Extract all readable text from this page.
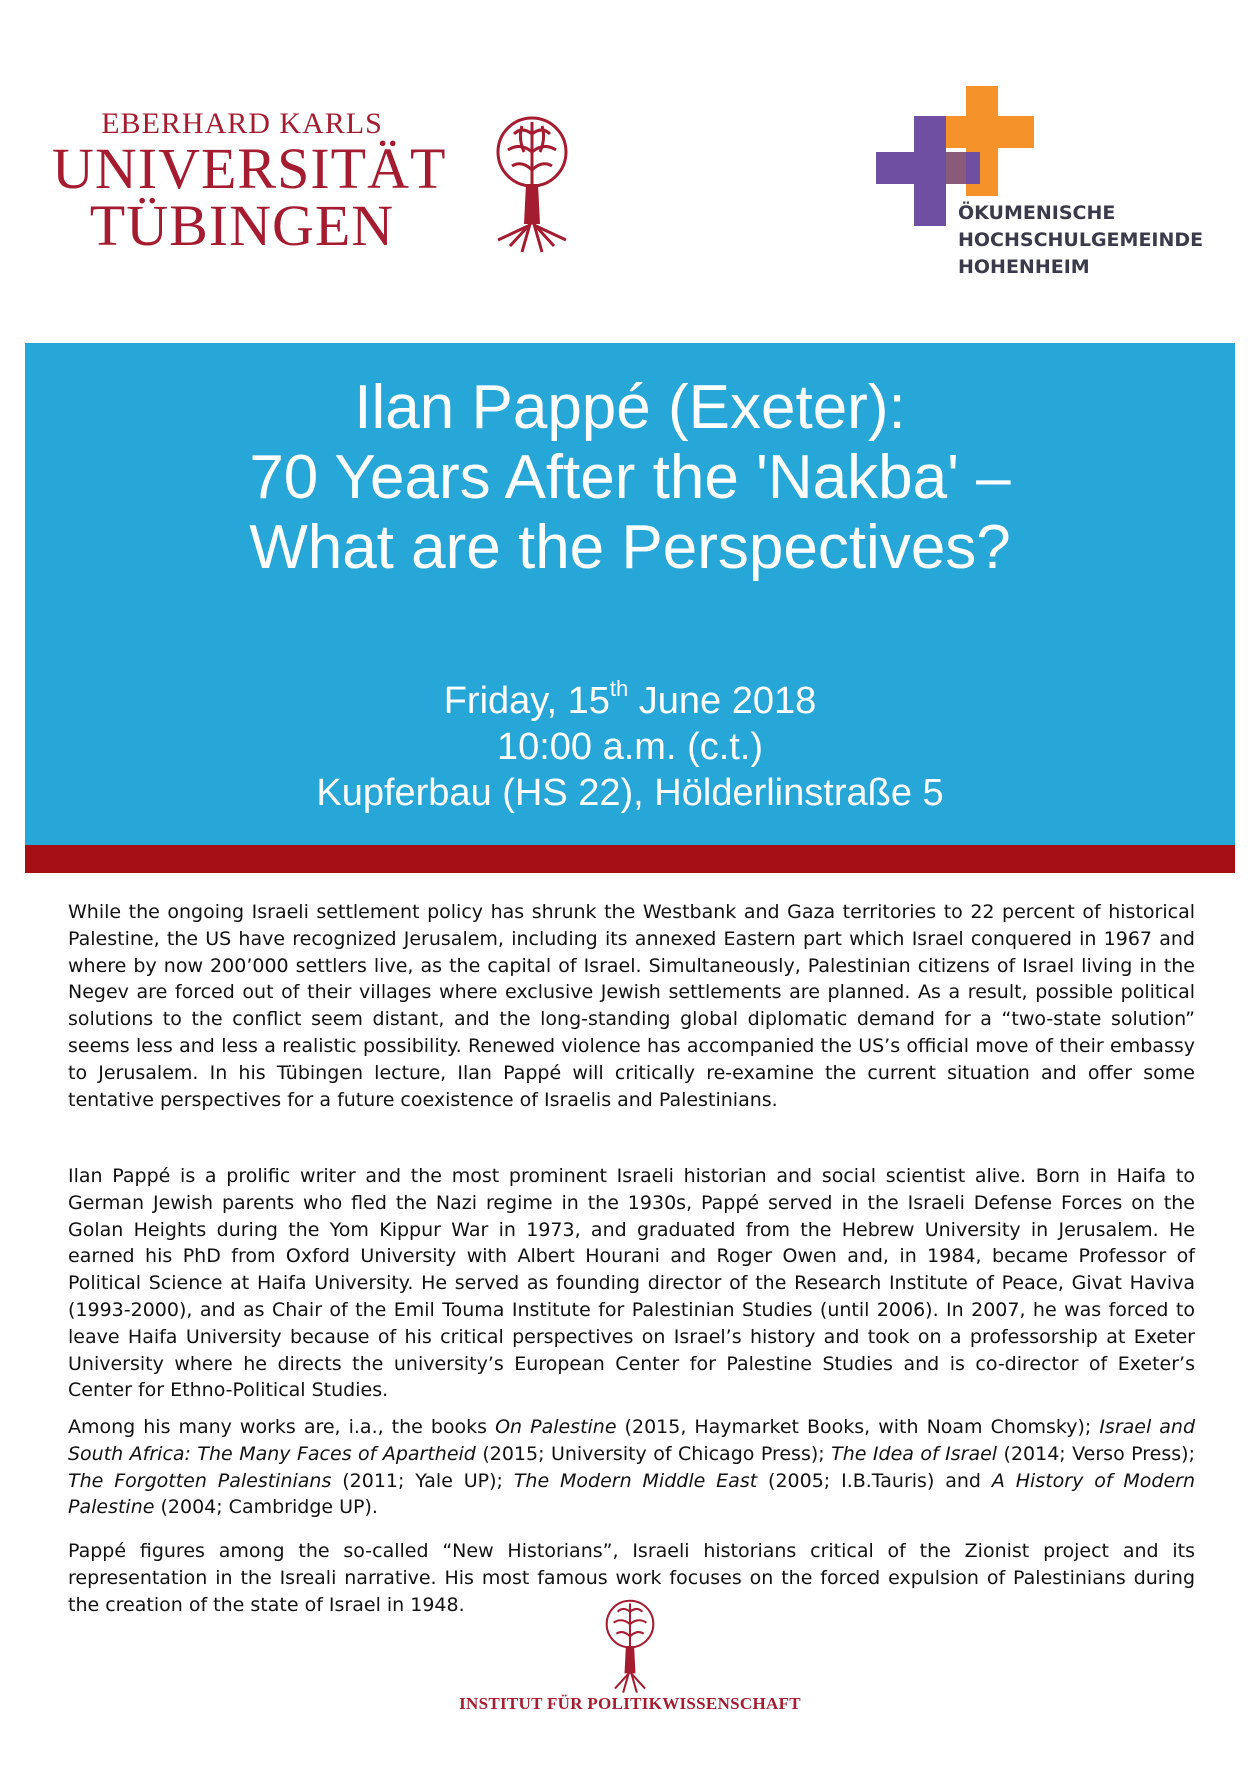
EBERHARD KARLS
UNIVERSITÄT
TÜBINGEN	ÖKUMENISCHE
HOCHSCHULGEMEINDE
HOHENHEIM
Ilan Pappé (Exeter):
70 Years After the 'Nakba' –
What are the Perspectives?
Friday, 15th June 2018
10:00 a.m. (c.t.)
Kupferbau (HS 22), Hölderlinstraße 5

While the ongoing Israeli settlement policy has shrunk the Westbank and Gaza territories to 22 percent of historical Palestine, the US have recognized Jerusalem, including its annexed Eastern part which Israel conquered in 1967 and where by now 200’000 settlers live, as the capital of Israel. Simultaneously, Palestinian citizens of Israel living in the Negev are forced out of their villages where exclusive Jewish settlements are planned. As a result, possible political solutions to the conflict seem distant, and the long-standing global diplomatic demand for a “two-state solution” seems less and less a realistic possibility. Renewed violence has accompanied the US’s official move of their embassy to Jerusalem. In his Tübingen lecture, Ilan Pappé will critically re-examine the current situation and offer some tentative perspectives for a future coexistence of Israelis and Palestinians.

Ilan Pappé is a prolific writer and the most prominent Israeli historian and social scientist alive. Born in Haifa to German Jewish parents who fled the Nazi regime in the 1930s, Pappé served in the Israeli Defense Forces on the Golan Heights during the Yom Kippur War in 1973, and graduated from the Hebrew University in Jerusalem. He earned his PhD from Oxford University with Albert Hourani and Roger Owen and, in 1984, became Professor of Political Science at Haifa University. He served as founding director of the Research Institute of Peace, Givat Haviva (1993-2000), and as Chair of the Emil Touma Institute for Palestinian Studies (until 2006). In 2007, he was forced to leave Haifa University because of his critical perspectives on Israel’s history and took on a professorship at Exeter University where he directs the university’s European Center for Palestine Studies and is co-director of Exeter’s Center for Ethno-Political Studies.

Among his many works are, i.a., the books On Palestine (2015, Haymarket Books, with Noam Chomsky); Israel and South Africa: The Many Faces of Apartheid (2015; University of Chicago Press); The Idea of Israel (2014; Verso Press); The Forgotten Palestinians (2011; Yale UP); The Modern Middle East (2005; I.B.Tauris) and A History of Modern Palestine (2004; Cambridge UP).

Pappé figures among the so-called “New Historians”, Israeli historians critical of the Zionist project and its representation in the Isreali narrative. His most famous work focuses on the forced expulsion of Palestinians during the creation of the state of Israel in 1948.

INSTITUT FÜR POLITIKWISSENSCHAFT
